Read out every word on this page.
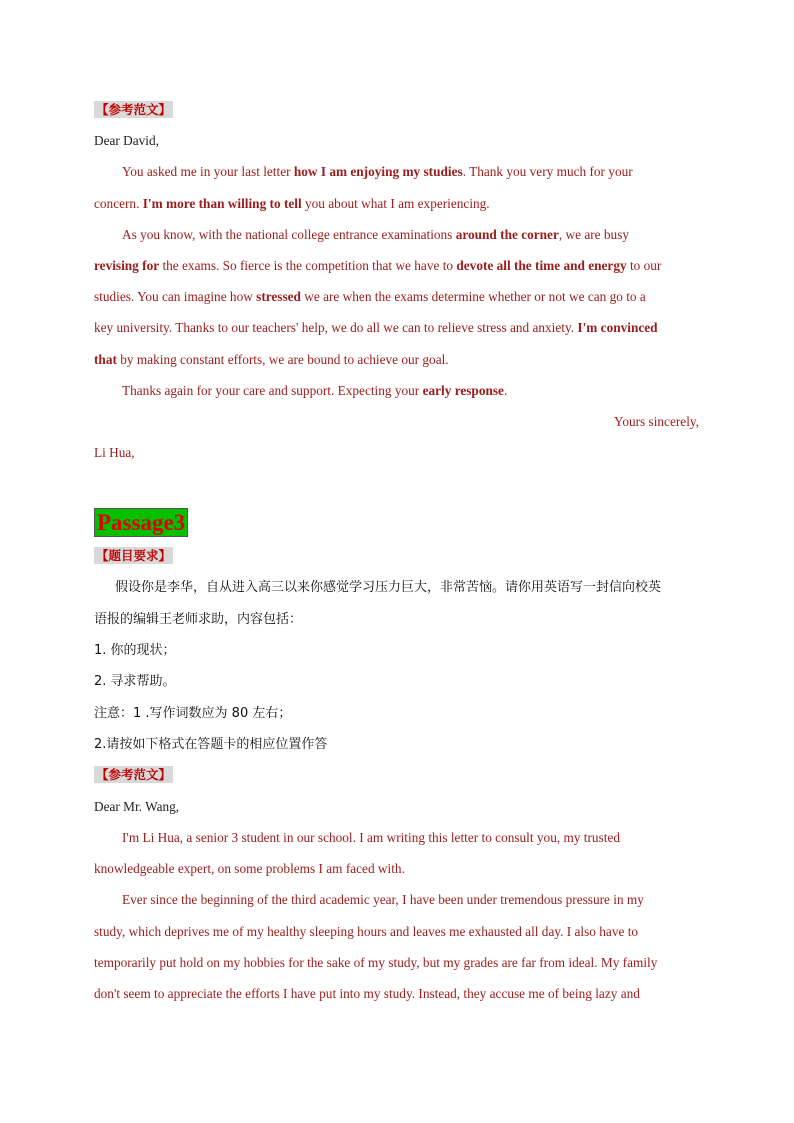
【参考范文】
Dear David,
You asked me in your last letter how I am enjoying my studies. Thank you very much for your
concern. I'm more than willing to tell you about what I am experiencing.
As you know, with the national college entrance examinations around the corner, we are busy
revising for the exams. So fierce is the competition that we have to devote all the time and energy to our
studies. You can imagine how stressed we are when the exams determine whether or not we can go to a
key university. Thanks to our teachers' help, we do all we can to relieve stress and anxiety. I'm convinced
that by making constant efforts, we are bound to achieve our goal.
Thanks again for your care and support. Expecting your early response.
Yours sincerely,
Li Hua,
Passage3
【题目要求】
假设你是李华，自从进入高三以来你感觉学习压力巨大，非常苦恼。请你用英语写一封信向校英
语报的编辑王老师求助，内容包括：
1. 你的现状；
2. 寻求帮助。
注意：1 .写作词数应为 80 左右；
2.请按如下格式在答题卡的相应位置作答
【参考范文】
Dear Mr. Wang,
I'm Li Hua, a senior 3 student in our school. I am writing this letter to consult you, my trusted
knowledgeable expert, on some problems I am faced with.
Ever since the beginning of the third academic year, I have been under tremendous pressure in my
study, which deprives me of my healthy sleeping hours and leaves me exhausted all day. I also have to
temporarily put hold on my hobbies for the sake of my study, but my grades are far from ideal. My family
don't seem to appreciate the efforts I have put into my study. Instead, they accuse me of being lazy and
